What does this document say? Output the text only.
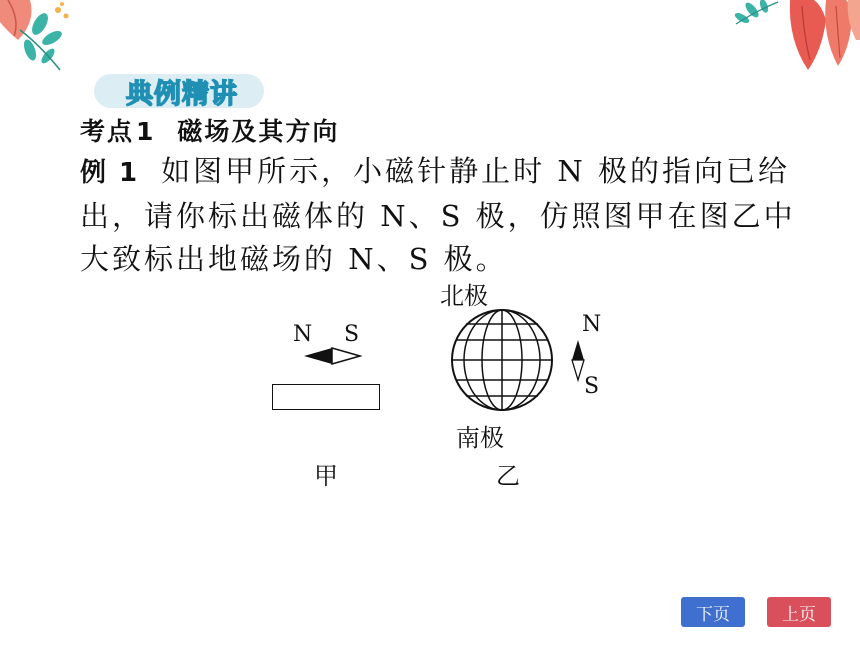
典例精讲
考点1 磁场及其方向
例 1 如图甲所示，小磁针静止时 N 极的指向已给出，请你标出磁体的 N、S 极，仿照图甲在图乙中大致标出地磁场的 N、S 极。
N S
甲
北极
南极
乙
N
S
下页	上页
